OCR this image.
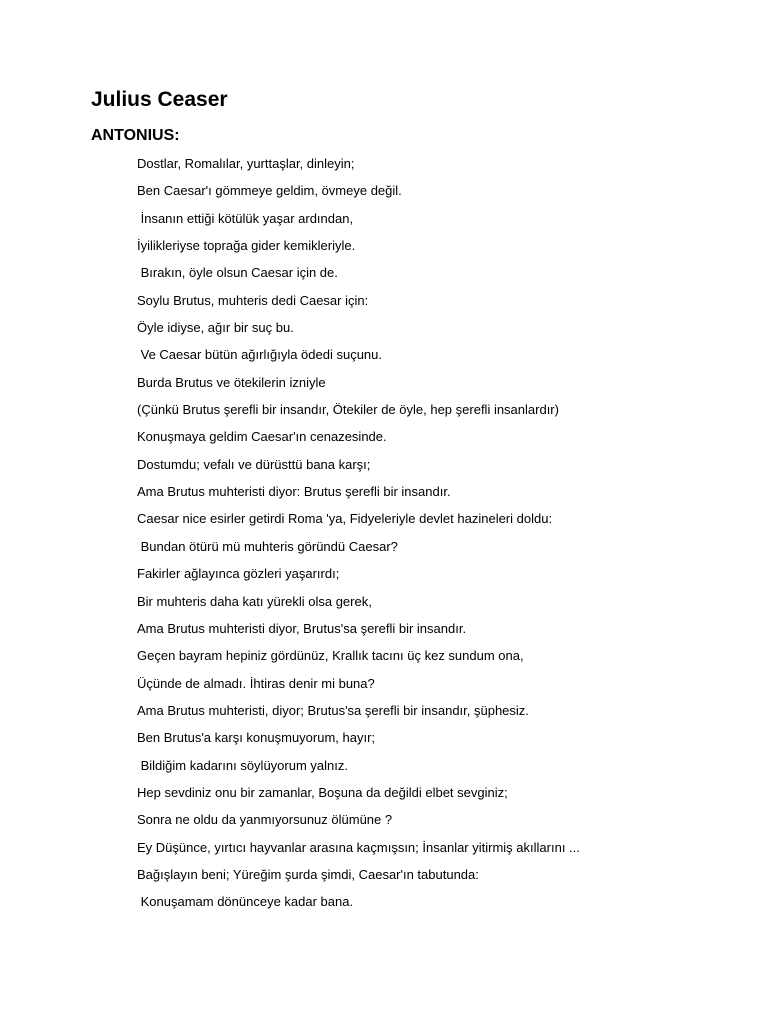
Julius Ceaser
ANTONIUS:
Dostlar, Romalılar, yurttaşlar, dinleyin;
Ben Caesar'ı gömmeye geldim, övmeye değil.
İnsanın ettiği kötülük yaşar ardından,
İyilikleriyse toprağa gider kemikleriyle.
Bırakın, öyle olsun Caesar için de.
Soylu Brutus, muhteris dedi Caesar için:
Öyle idiyse, ağır bir suç bu.
Ve Caesar bütün ağırlığıyla ödedi suçunu.
Burda Brutus ve ötekilerin izniyle
(Çünkü Brutus şerefli bir insandır, Ötekiler de öyle, hep şerefli insanlardır)
Konuşmaya geldim Caesar'ın cenazesinde.
Dostumdu; vefalı ve dürüsttü bana karşı;
Ama Brutus muhteristi diyor: Brutus şerefli bir insandır.
Caesar nice esirler getirdi Roma 'ya, Fidyeleriyle devlet hazineleri doldu:
Bundan ötürü mü muhteris göründü Caesar?
Fakirler ağlayınca gözleri yaşarırdı;
Bir muhteris daha katı yürekli olsa gerek,
Ama Brutus muhteristi diyor, Brutus'sa şerefli bir insandır.
Geçen bayram hepiniz gördünüz, Krallık tacını üç kez sundum ona,
Üçünde de almadı. İhtiras denir mi buna?
Ama Brutus muhteristi, diyor; Brutus'sa şerefli bir insandır, şüphesiz.
Ben Brutus'a karşı konuşmuyorum, hayır;
Bildiğim kadarını söylüyorum yalnız.
Hep sevdiniz onu bir zamanlar, Boşuna da değildi elbet sevginiz;
Sonra ne oldu da yanmıyorsunuz ölümüne ?
Ey Düşünce, yırtıcı hayvanlar arasına kaçmışsın; İnsanlar yitirmiş akıllarını ...
Bağışlayın beni; Yüreğim şurda şimdi, Caesar'ın tabutunda:
Konuşamam dönünceye kadar bana.
